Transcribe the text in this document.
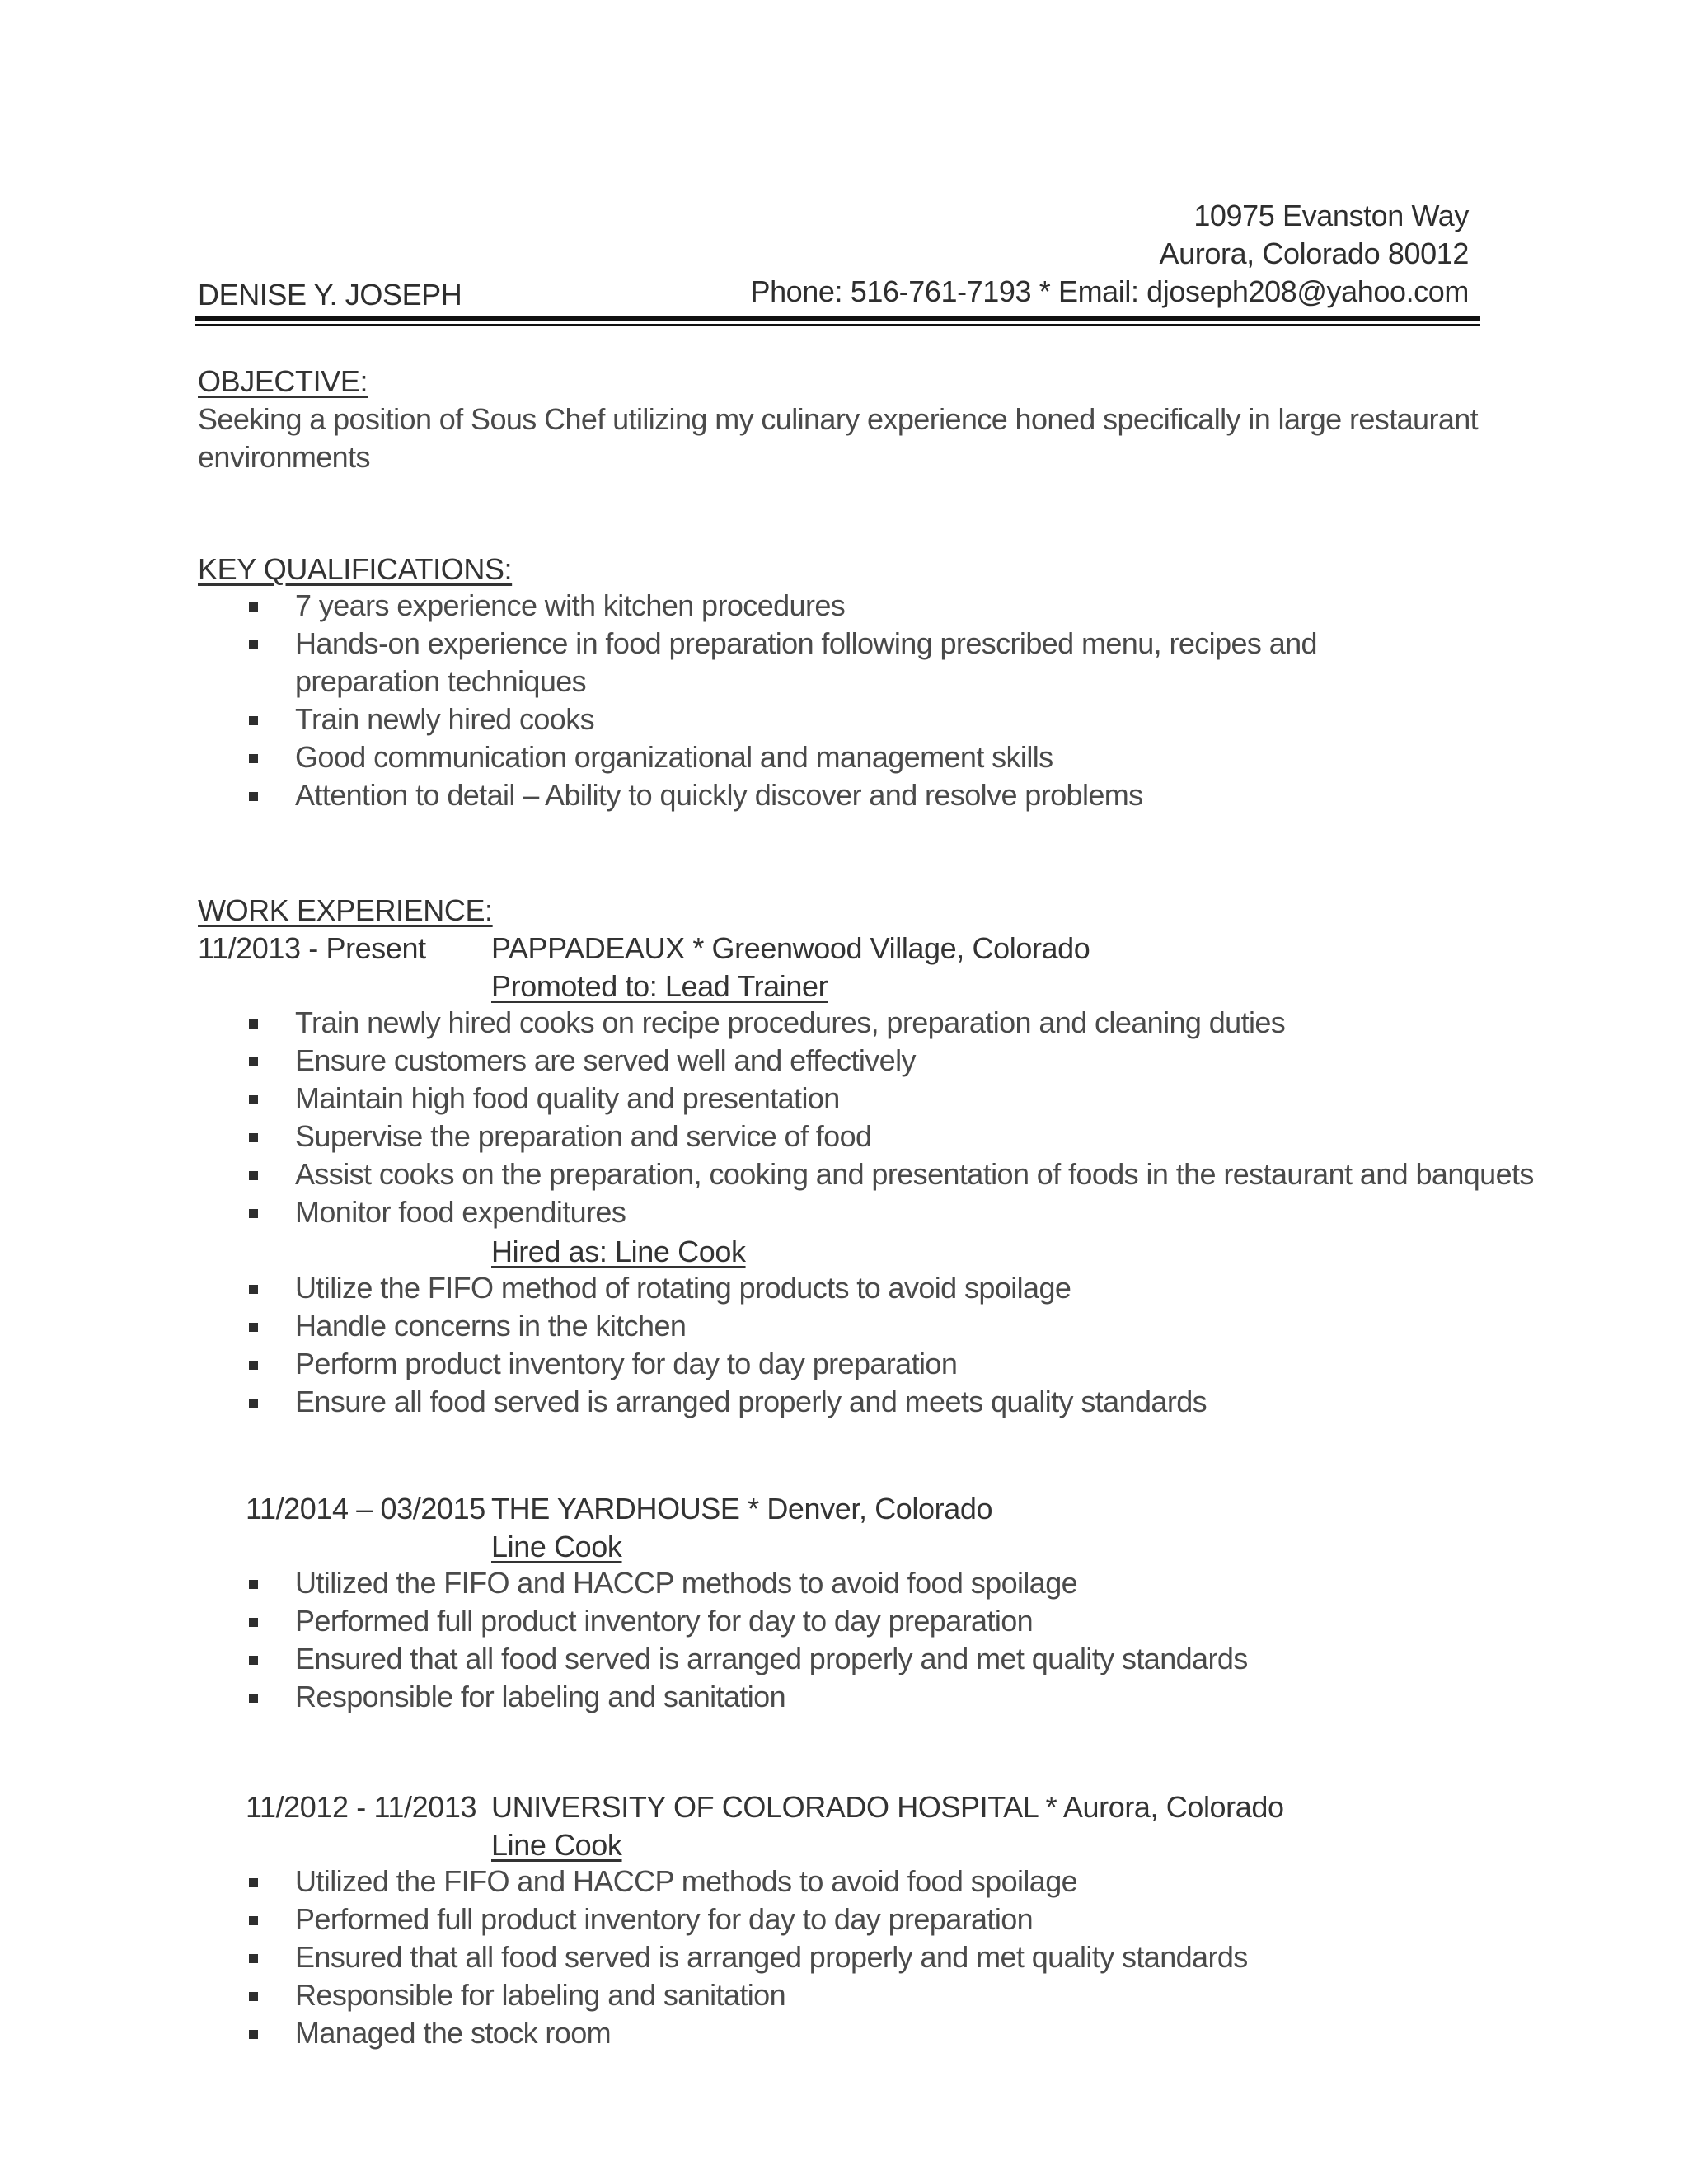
10975 Evanston Way
Aurora, Colorado 80012
Phone: 516-761-7193 * Email: djoseph208@yahoo.com
DENISE Y. JOSEPH
OBJECTIVE:
Seeking a position of Sous Chef utilizing my culinary experience honed specifically in large restaurant
environments
KEY QUALIFICATIONS:
7 years experience with kitchen procedures
Hands-on experience in food preparation following prescribed menu, recipes and preparation techniques
Train newly hired cooks
Good communication organizational and management skills
Attention to detail – Ability to quickly discover and resolve problems
WORK EXPERIENCE:
11/2013 - Present PAPPADEAUX * Greenwood Village, Colorado
Promoted to: Lead Trainer
Train newly hired cooks on recipe procedures, preparation and cleaning duties
Ensure customers are served well and effectively
Maintain high food quality and presentation
Supervise the preparation and service of food
Assist cooks on the preparation, cooking and presentation of foods in the restaurant and banquets
Monitor food expenditures
Hired as: Line Cook
Utilize the FIFO method of rotating products to avoid spoilage
Handle concerns in the kitchen
Perform product inventory for day to day preparation
Ensure all food served is arranged properly and meets quality standards
11/2014 – 03/2015 THE YARDHOUSE * Denver, Colorado
Line Cook
Utilized the FIFO and HACCP methods to avoid food spoilage
Performed full product inventory for day to day preparation
Ensured that all food served is arranged properly and met quality standards
Responsible for labeling and sanitation
11/2012 - 11/2013 UNIVERSITY OF COLORADO HOSPITAL * Aurora, Colorado
Line Cook
Utilized the FIFO and HACCP methods to avoid food spoilage
Performed full product inventory for day to day preparation
Ensured that all food served is arranged properly and met quality standards
Responsible for labeling and sanitation
Managed the stock room
